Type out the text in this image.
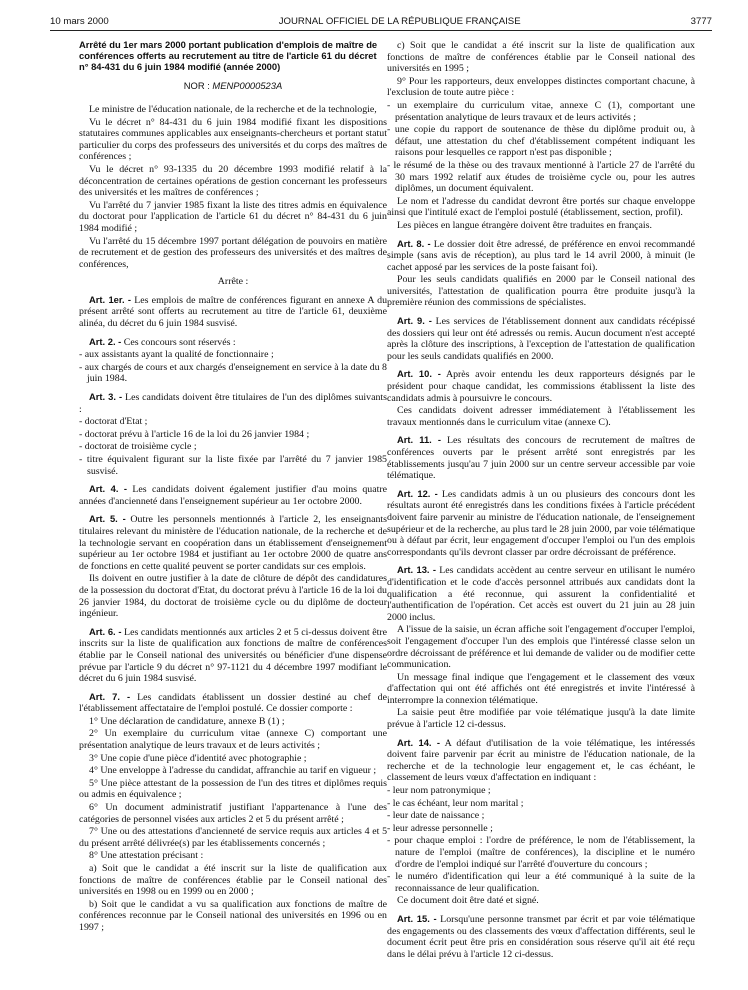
10 mars 2000	JOURNAL OFFICIEL DE LA RÉPUBLIQUE FRANÇAISE	3777

Arrêté du 1er mars 2000 portant publication d'emplois de maître de conférences offerts au recrutement au titre de l'article 61 du décret n° 84-431 du 6 juin 1984 modifié (année 2000)

NOR : MENP0000523A

Le ministre de l'éducation nationale, de la recherche et de la technologie,

Vu le décret n° 84-431 du 6 juin 1984 modifié fixant les dispositions statutaires communes applicables aux enseignants-chercheurs et portant statut particulier du corps des professeurs des universités et du corps des maîtres de conférences ;

Vu le décret n° 93-1335 du 20 décembre 1993 modifié relatif à la déconcentration de certaines opérations de gestion concernant les professeurs des universités et les maîtres de conférences ;

Vu l'arrêté du 7 janvier 1985 fixant la liste des titres admis en équivalence du doctorat pour l'application de l'article 61 du décret n° 84-431 du 6 juin 1984 modifié ;

Vu l'arrêté du 15 décembre 1997 portant délégation de pouvoirs en matière de recrutement et de gestion des professeurs des universités et des maîtres de conférences,

Arrête :

Art. 1er. - Les emplois de maître de conférences figurant en annexe A du présent arrêté sont offerts au recrutement au titre de l'article 61, deuxième alinéa, du décret du 6 juin 1984 susvisé.

Art. 2. - Ces concours sont réservés :

- aux assistants ayant la qualité de fonctionnaire ;

- aux chargés de cours et aux chargés d'enseignement en service à la date du 8 juin 1984.

Art. 3. - Les candidats doivent être titulaires de l'un des diplômes suivants :

- doctorat d'Etat ;

- doctorat prévu à l'article 16 de la loi du 26 janvier 1984 ;

- doctorat de troisième cycle ;

- titre équivalent figurant sur la liste fixée par l'arrêté du 7 janvier 1985 susvisé.

Art. 4. - Les candidats doivent également justifier d'au moins quatre années d'ancienneté dans l'enseignement supérieur au 1er octobre 2000.

Art. 5. - Outre les personnels mentionnés à l'article 2, les enseignants titulaires relevant du ministère de l'éducation nationale, de la recherche et de la technologie servant en coopération dans un établissement d'enseignement supérieur au 1er octobre 1984 et justifiant au 1er octobre 2000 de quatre ans de fonctions en cette qualité peuvent se porter candidats sur ces emplois.

Ils doivent en outre justifier à la date de clôture de dépôt des candidatures de la possession du doctorat d'Etat, du doctorat prévu à l'article 16 de la loi du 26 janvier 1984, du doctorat de troisième cycle ou du diplôme de docteur ingénieur.

Art. 6. - Les candidats mentionnés aux articles 2 et 5 ci-dessus doivent être inscrits sur la liste de qualification aux fonctions de maître de conférences établie par le Conseil national des universités ou bénéficier d'une dispense prévue par l'article 9 du décret n° 97-1121 du 4 décembre 1997 modifiant le décret du 6 juin 1984 susvisé.

Art. 7. - Les candidats établissent un dossier destiné au chef de l'établissement affectataire de l'emploi postulé. Ce dossier comporte :

1° Une déclaration de candidature, annexe B (1) ;

2° Un exemplaire du curriculum vitae (annexe C) comportant une présentation analytique de leurs travaux et de leurs activités ;

3° Une copie d'une pièce d'identité avec photographie ;

4° Une enveloppe à l'adresse du candidat, affranchie au tarif en vigueur ;

5° Une pièce attestant de la possession de l'un des titres et diplômes requis ou admis en équivalence ;

6° Un document administratif justifiant l'appartenance à l'une des catégories de personnel visées aux articles 2 et 5 du présent arrêté ;

7° Une ou des attestations d'ancienneté de service requis aux articles 4 et 5 du présent arrêté délivrée(s) par les établissements concernés ;

8° Une attestation précisant :

a) Soit que le candidat a été inscrit sur la liste de qualification aux fonctions de maître de conférences établie par le Conseil national des universités en 1998 ou en 1999 ou en 2000 ;

b) Soit que le candidat a vu sa qualification aux fonctions de maître de conférences reconnue par le Conseil national des universités en 1996 ou en 1997 ;

c) Soit que le candidat a été inscrit sur la liste de qualification aux fonctions de maître de conférences établie par le Conseil national des universités en 1995 ;

9° Pour les rapporteurs, deux enveloppes distinctes comportant chacune, à l'exclusion de toute autre pièce :

- un exemplaire du curriculum vitae, annexe C (1), comportant une présentation analytique de leurs travaux et de leurs activités ;

- une copie du rapport de soutenance de thèse du diplôme produit ou, à défaut, une attestation du chef d'établissement compétent indiquant les raisons pour lesquelles ce rapport n'est pas disponible ;

- le résumé de la thèse ou des travaux mentionné à l'article 27 de l'arrêté du 30 mars 1992 relatif aux études de troisième cycle ou, pour les autres diplômes, un document équivalent.

Le nom et l'adresse du candidat devront être portés sur chaque enveloppe ainsi que l'intitulé exact de l'emploi postulé (établissement, section, profil).

Les pièces en langue étrangère doivent être traduites en français.

Art. 8. - Le dossier doit être adressé, de préférence en envoi recommandé simple (sans avis de réception), au plus tard le 14 avril 2000, à minuit (le cachet apposé par les services de la poste faisant foi).

Pour les seuls candidats qualifiés en 2000 par le Conseil national des universités, l'attestation de qualification pourra être produite jusqu'à la première réunion des commissions de spécialistes.

Art. 9. - Les services de l'établissement donnent aux candidats récépissé des dossiers qui leur ont été adressés ou remis. Aucun document n'est accepté après la clôture des inscriptions, à l'exception de l'attestation de qualification pour les seuls candidats qualifiés en 2000.

Art. 10. - Après avoir entendu les deux rapporteurs désignés par le président pour chaque candidat, les commissions établissent la liste des candidats admis à poursuivre le concours.

Ces candidats doivent adresser immédiatement à l'établissement les travaux mentionnés dans le curriculum vitae (annexe C).

Art. 11. - Les résultats des concours de recrutement de maîtres de conférences ouverts par le présent arrêté sont enregistrés par les établissements jusqu'au 7 juin 2000 sur un centre serveur accessible par voie télématique.

Art. 12. - Les candidats admis à un ou plusieurs des concours dont les résultats auront été enregistrés dans les conditions fixées à l'article précédent doivent faire parvenir au ministre de l'éducation nationale, de l'enseignement supérieur et de la recherche, au plus tard le 28 juin 2000, par voie télématique ou à défaut par écrit, leur engagement d'occuper l'emploi ou l'un des emplois correspondants qu'ils devront classer par ordre décroissant de préférence.

Art. 13. - Les candidats accèdent au centre serveur en utilisant le numéro d'identification et le code d'accès personnel attribués aux candidats dont la qualification a été reconnue, qui assurent la confidentialité et l'authentification de l'opération. Cet accès est ouvert du 21 juin au 28 juin 2000 inclus.

A l'issue de la saisie, un écran affiche soit l'engagement d'occuper l'emploi, soit l'engagement d'occuper l'un des emplois que l'intéressé classe selon un ordre décroissant de préférence et lui demande de valider ou de modifier cette communication.

Un message final indique que l'engagement et le classement des vœux d'affectation qui ont été affichés ont été enregistrés et invite l'intéressé à interrompre la connexion télématique.

La saisie peut être modifiée par voie télématique jusqu'à la date limite prévue à l'article 12 ci-dessus.

Art. 14. - A défaut d'utilisation de la voie télématique, les intéressés doivent faire parvenir par écrit au ministre de l'éducation nationale, de la recherche et de la technologie leur engagement et, le cas échéant, le classement de leurs vœux d'affectation en indiquant :

- leur nom patronymique ;

- le cas échéant, leur nom marital ;

- leur date de naissance ;

- leur adresse personnelle ;

- pour chaque emploi : l'ordre de préférence, le nom de l'établissement, la nature de l'emploi (maître de conférences), la discipline et le numéro d'ordre de l'emploi indiqué sur l'arrêté d'ouverture du concours ;

- le numéro d'identification qui leur a été communiqué à la suite de la reconnaissance de leur qualification.

Ce document doit être daté et signé.

Art. 15. - Lorsqu'une personne transmet par écrit et par voie télématique des engagements ou des classements des vœux d'affectation différents, seul le document écrit peut être pris en considération sous réserve qu'il ait été reçu dans le délai prévu à l'article 12 ci-dessus.
